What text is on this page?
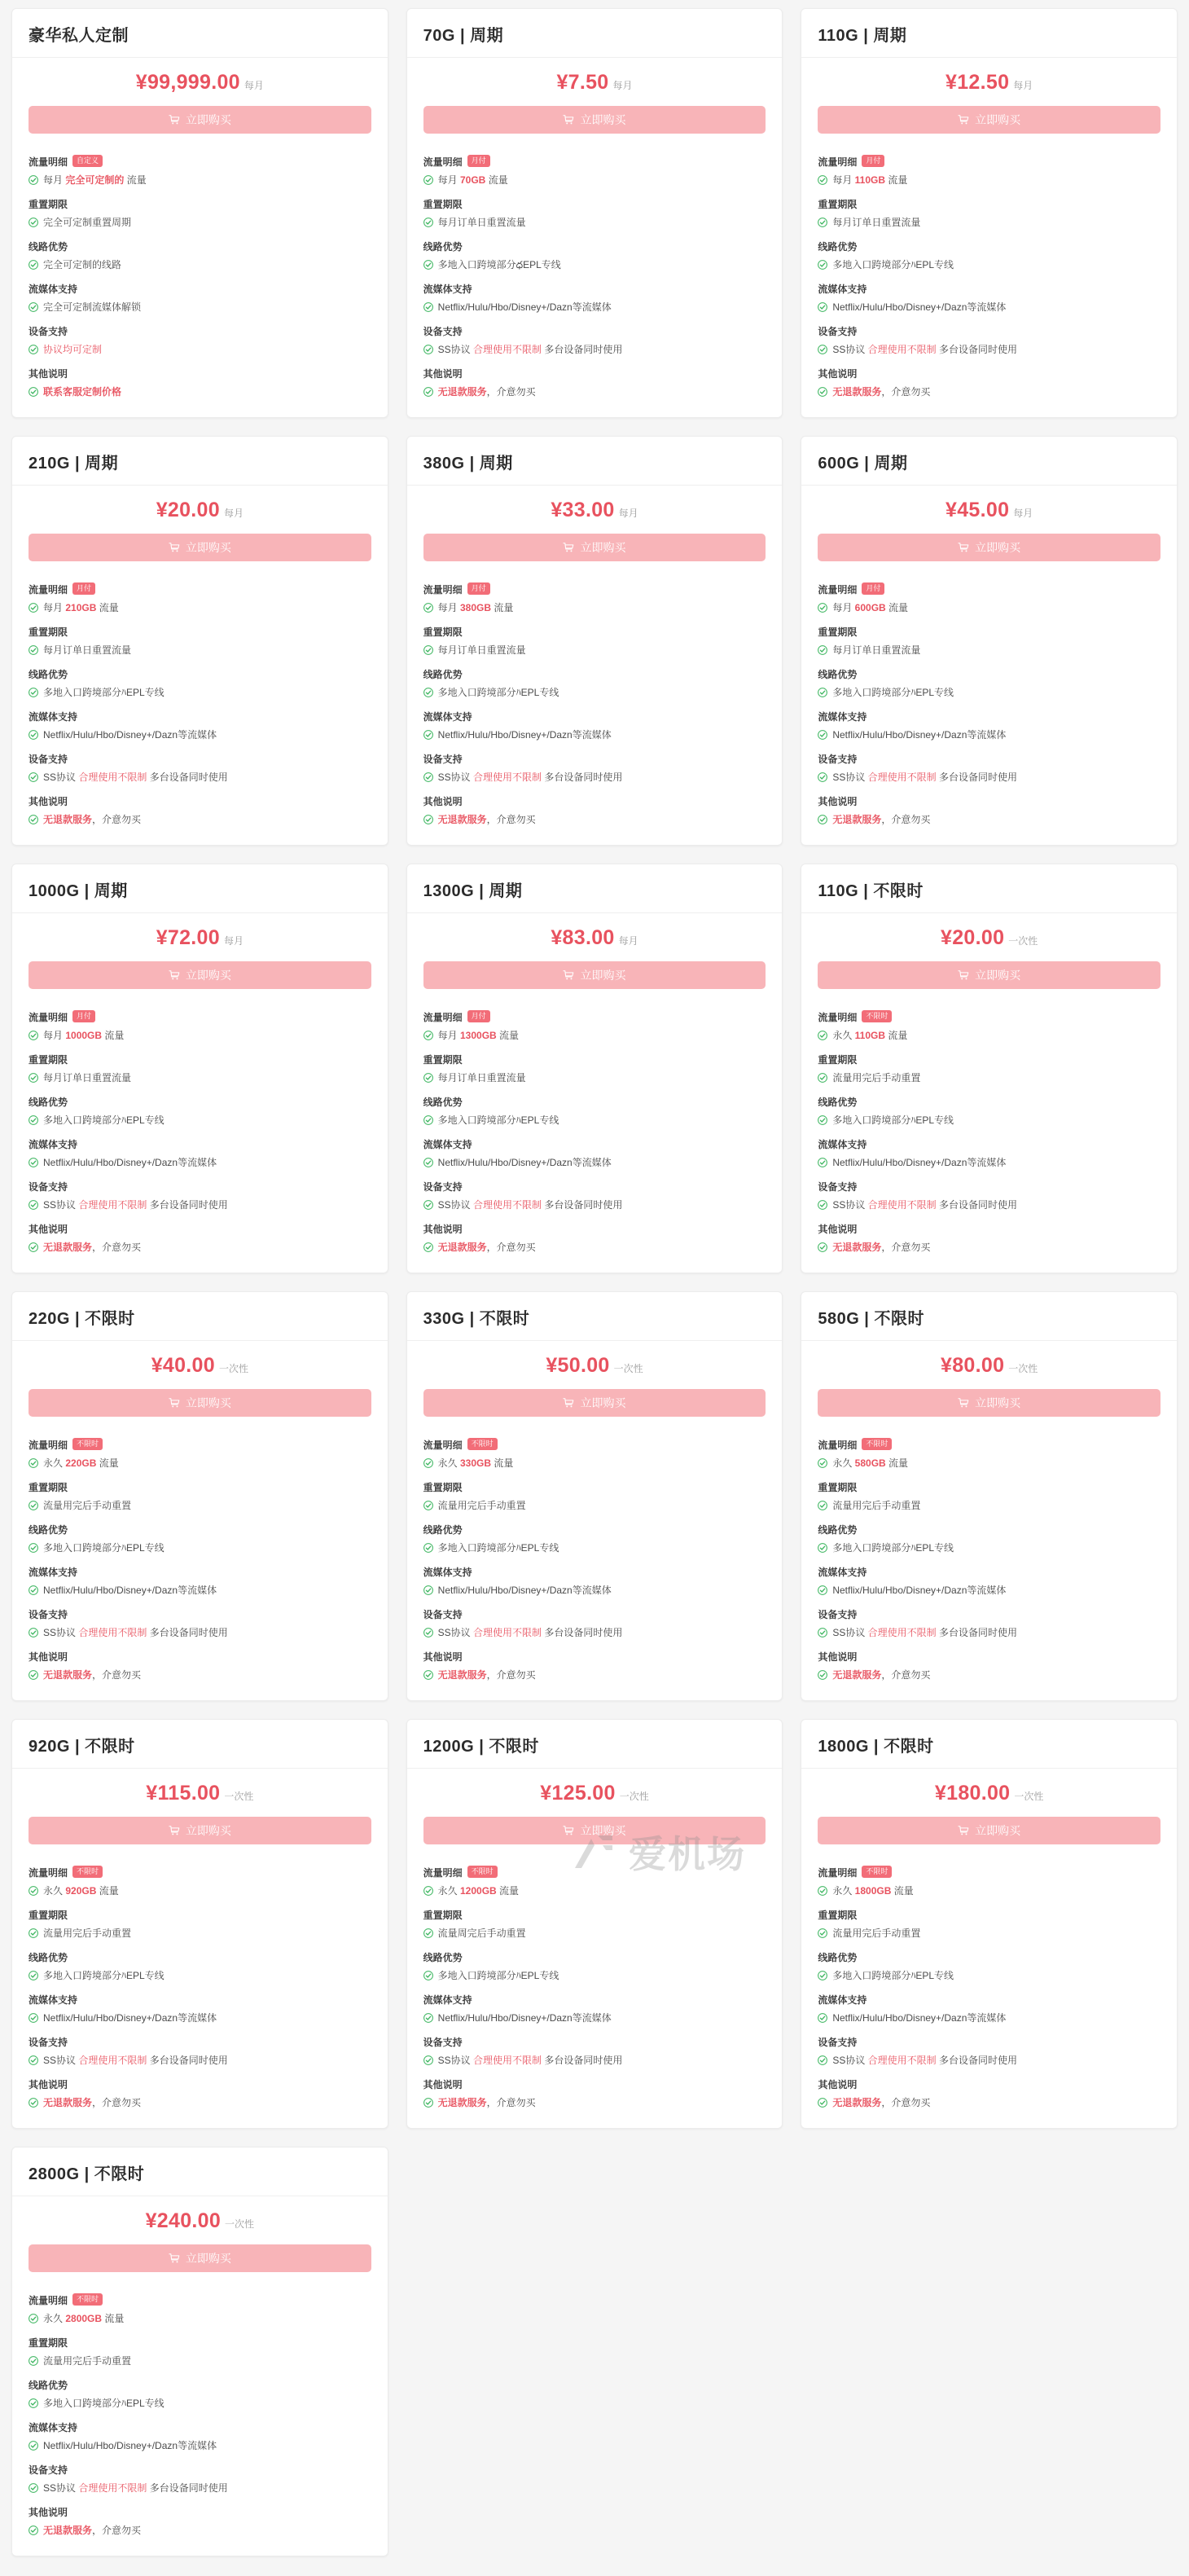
豪华私人定制
¥99,999.00 每月
立即购买
流量明细	自定义
每月 完全可定制的 流量
重置期限
完全可定制重置周期
线路优势
完全可定制的线路
流媒体支持
完全可定制流媒体解锁
设备支持
协议均可定制
其他说明
联系客服定制价格
70G | 周期
¥7.50 每月
立即购买
流量明细	月付
每月 70GB 流量
重置期限
每月订单日重置流量
线路优势
多地入口跨境部分ధEPL专线
流媒体支持
Netflix/Hulu/Hbo/Disney+/Dazn等流媒体
设备支持
SS协议 合理使用不限制 多台设备同时使用
其他说明
无退款服务，介意勿买
110G | 周期
¥12.50 每月
立即购买
流量明细	月付
每月 110GB 流量
重置期限
每月订单日重置流量
线路优势
多地入口跨境部分ﾊEPL专线
流媒体支持
Netflix/Hulu/Hbo/Disney+/Dazn等流媒体
设备支持
SS协议 合理使用不限制 多台设备同时使用
其他说明
无退款服务，介意勿买
210G | 周期
¥20.00 每月
立即购买
流量明细	月付
每月 210GB 流量
重置期限
每月订单日重置流量
线路优势
多地入口跨境部分ﾊEPL专线
流媒体支持
Netflix/Hulu/Hbo/Disney+/Dazn等流媒体
设备支持
SS协议 合理使用不限制 多台设备同时使用
其他说明
无退款服务，介意勿买
380G | 周期
¥33.00 每月
立即购买
流量明细	月付
每月 380GB 流量
重置期限
每月订单日重置流量
线路优势
多地入口跨境部分ﾊEPL专线
流媒体支持
Netflix/Hulu/Hbo/Disney+/Dazn等流媒体
设备支持
SS协议 合理使用不限制 多台设备同时使用
其他说明
无退款服务，介意勿买
600G | 周期
¥45.00 每月
立即购买
流量明细	月付
每月 600GB 流量
重置期限
每月订单日重置流量
线路优势
多地入口跨境部分ﾊEPL专线
流媒体支持
Netflix/Hulu/Hbo/Disney+/Dazn等流媒体
设备支持
SS协议 合理使用不限制 多台设备同时使用
其他说明
无退款服务，介意勿买
1000G | 周期
¥72.00 每月
立即购买
流量明细	月付
每月 1000GB 流量
重置期限
每月订单日重置流量
线路优势
多地入口跨境部分ﾊEPL专线
流媒体支持
Netflix/Hulu/Hbo/Disney+/Dazn等流媒体
设备支持
SS协议 合理使用不限制 多台设备同时使用
其他说明
无退款服务，介意勿买
1300G | 周期
¥83.00 每月
立即购买
流量明细	月付
每月 1300GB 流量
重置期限
每月订单日重置流量
线路优势
多地入口跨境部分ﾊEPL专线
流媒体支持
Netflix/Hulu/Hbo/Disney+/Dazn等流媒体
设备支持
SS协议 合理使用不限制 多台设备同时使用
其他说明
无退款服务，介意勿买
110G | 不限时
¥20.00 一次性
立即购买
流量明细	不限时
永久 110GB 流量
重置期限
流量用完后手动重置
线路优势
多地入口跨境部分ﾊEPL专线
流媒体支持
Netflix/Hulu/Hbo/Disney+/Dazn等流媒体
设备支持
SS协议 合理使用不限制 多台设备同时使用
其他说明
无退款服务，介意勿买
220G | 不限时
¥40.00 一次性
立即购买
流量明细	不限时
永久 220GB 流量
重置期限
流量用完后手动重置
线路优势
多地入口跨境部分ﾊEPL专线
流媒体支持
Netflix/Hulu/Hbo/Disney+/Dazn等流媒体
设备支持
SS协议 合理使用不限制 多台设备同时使用
其他说明
无退款服务，介意勿买
330G | 不限时
¥50.00 一次性
立即购买
流量明细	不限时
永久 330GB 流量
重置期限
流量用完后手动重置
线路优势
多地入口跨境部分ﾊEPL专线
流媒体支持
Netflix/Hulu/Hbo/Disney+/Dazn等流媒体
设备支持
SS协议 合理使用不限制 多台设备同时使用
其他说明
无退款服务，介意勿买
580G | 不限时
¥80.00 一次性
立即购买
流量明细	不限时
永久 580GB 流量
重置期限
流量用完后手动重置
线路优势
多地入口跨境部分ﾊEPL专线
流媒体支持
Netflix/Hulu/Hbo/Disney+/Dazn等流媒体
设备支持
SS协议 合理使用不限制 多台设备同时使用
其他说明
无退款服务，介意勿买
920G | 不限时
¥115.00 一次性
立即购买
流量明细	不限时
永久 920GB 流量
重置期限
流量用完后手动重置
线路优势
多地入口跨境部分ﾊEPL专线
流媒体支持
Netflix/Hulu/Hbo/Disney+/Dazn等流媒体
设备支持
SS协议 合理使用不限制 多台设备同时使用
其他说明
无退款服务，介意勿买
1200G | 不限时
¥125.00 一次性
立即购买
流量明细	不限时
永久 1200GB 流量
重置期限
流量周完后手动重置
线路优势
多地入口跨境部分ﾊEPL专线
流媒体支持
Netflix/Hulu/Hbo/Disney+/Dazn等流媒体
设备支持
SS协议 合理使用不限制 多台设备同时使用
其他说明
无退款服务，介意勿买
1800G | 不限时
¥180.00 一次性
立即购买
流量明细	不限时
永久 1800GB 流量
重置期限
流量用完后手动重置
线路优势
多地入口跨境部分ﾊEPL专线
流媒体支持
Netflix/Hulu/Hbo/Disney+/Dazn等流媒体
设备支持
SS协议 合理使用不限制 多台设备同时使用
其他说明
无退款服务，介意勿买
2800G | 不限时
¥240.00 一次性
立即购买
流量明细	不限时
永久 2800GB 流量
重置期限
流量用完后手动重置
线路优势
多地入口跨境部分ﾊEPL专线
流媒体支持
Netflix/Hulu/Hbo/Disney+/Dazn等流媒体
设备支持
SS协议 合理使用不限制 多台设备同时使用
其他说明
无退款服务，介意勿买
爱机场
